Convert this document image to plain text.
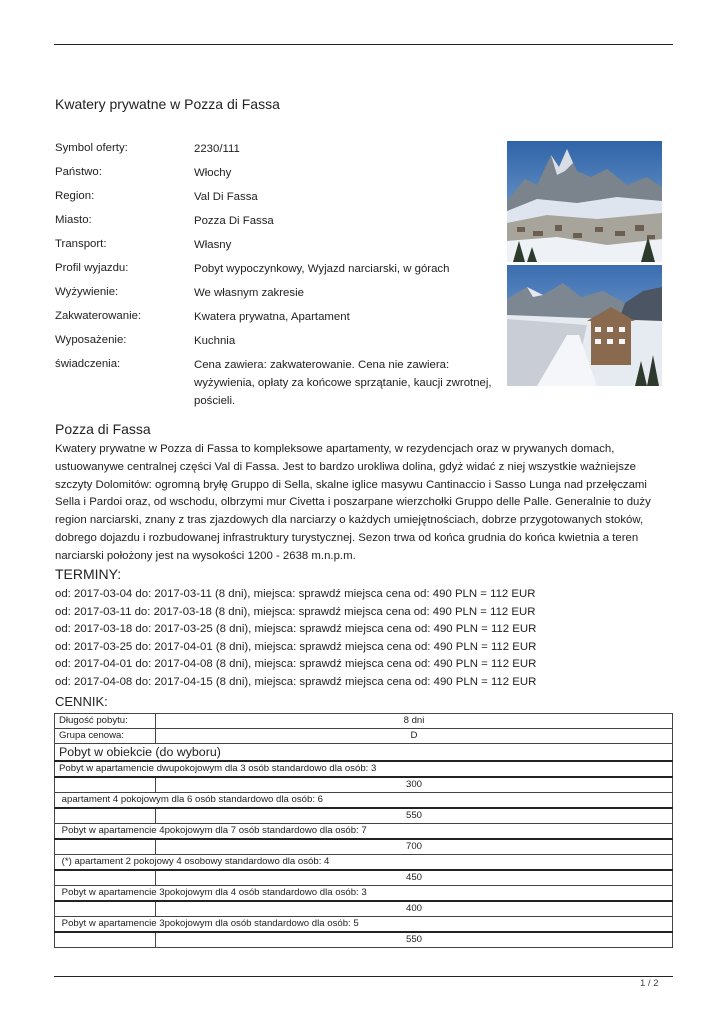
Kwatery prywatne w Pozza di Fassa
Symbol oferty:	2230/111
Państwo:	Włochy
Region:	Val Di Fassa
Miasto:	Pozza Di Fassa
Transport:	Własny
Profil wyjazdu:	Pobyt wypoczynkowy, Wyjazd narciarski, w górach
Wyżywienie:	We własnym zakresie
Zakwaterowanie:	Kwatera prywatna, Apartament
Wyposażenie:	Kuchnia
świadczenia:	Cena zawiera: zakwaterowanie. Cena nie zawiera: wyżywienia, opłaty za końcowe sprzątanie, kaucji zwrotnej, pościeli.
Pozza di Fassa
Kwatery prywatne w Pozza di Fassa to kompleksowe apartamenty, w rezydencjach oraz w prywanych domach, ustuowanywe centralnej części Val di Fassa. Jest to bardzo urokliwa dolina, gdyż widać z niej wszystkie ważniejsze szczyty Dolomitów: ogromną bryłę Gruppo di Sella, skalne iglice masywu Cantinaccio i Sasso Lunga nad przełęczami Sella i Pardoi oraz, od wschodu, olbrzymi mur Civetta i poszarpane wierzchołki Gruppo delle Palle. Generalnie to duży region narciarski, znany z tras zjazdowych dla narciarzy o każdych umiejętnościach, dobrze przygotowanych stoków, dobrego dojazdu i rozbudowanej infrastruktury turystycznej. Sezon trwa od końca grudnia do końca kwietnia a teren narciarski położony jest na wysokości 1200 - 2638 m.n.p.m.
TERMINY:
od: 2017-03-04 do: 2017-03-11 (8 dni), miejsca: sprawdź miejsca cena od: 490 PLN = 112 EUR
od: 2017-03-11 do: 2017-03-18 (8 dni), miejsca: sprawdź miejsca cena od: 490 PLN = 112 EUR
od: 2017-03-18 do: 2017-03-25 (8 dni), miejsca: sprawdź miejsca cena od: 490 PLN = 112 EUR
od: 2017-03-25 do: 2017-04-01 (8 dni), miejsca: sprawdź miejsca cena od: 490 PLN = 112 EUR
od: 2017-04-01 do: 2017-04-08 (8 dni), miejsca: sprawdź miejsca cena od: 490 PLN = 112 EUR
od: 2017-04-08 do: 2017-04-15 (8 dni), miejsca: sprawdź miejsca cena od: 490 PLN = 112 EUR
CENNIK:
Długość pobytu:	8 dni
Grupa cenowa:	D
Pobyt w obiekcie (do wyboru)	
Pobyt w apartamencie dwupokojowym dla 3 osób standardowo dla osób: 3	
	300
apartament 4 pokojowym dla 6 osób standardowo dla osób: 6	
	550
Pobyt w apartamencie 4pokojowym dla 7 osób standardowo dla osób: 7	
	700
(*) apartament 2 pokojowy 4 osobowy standardowo dla osób: 4	
	450
Pobyt w apartamencie 3pokojowym dla 4 osób standardowo dla osób: 3	
	400
Pobyt w apartamencie 3pokojowym dla osób standardowo dla osób: 5	
	550
1 / 2
